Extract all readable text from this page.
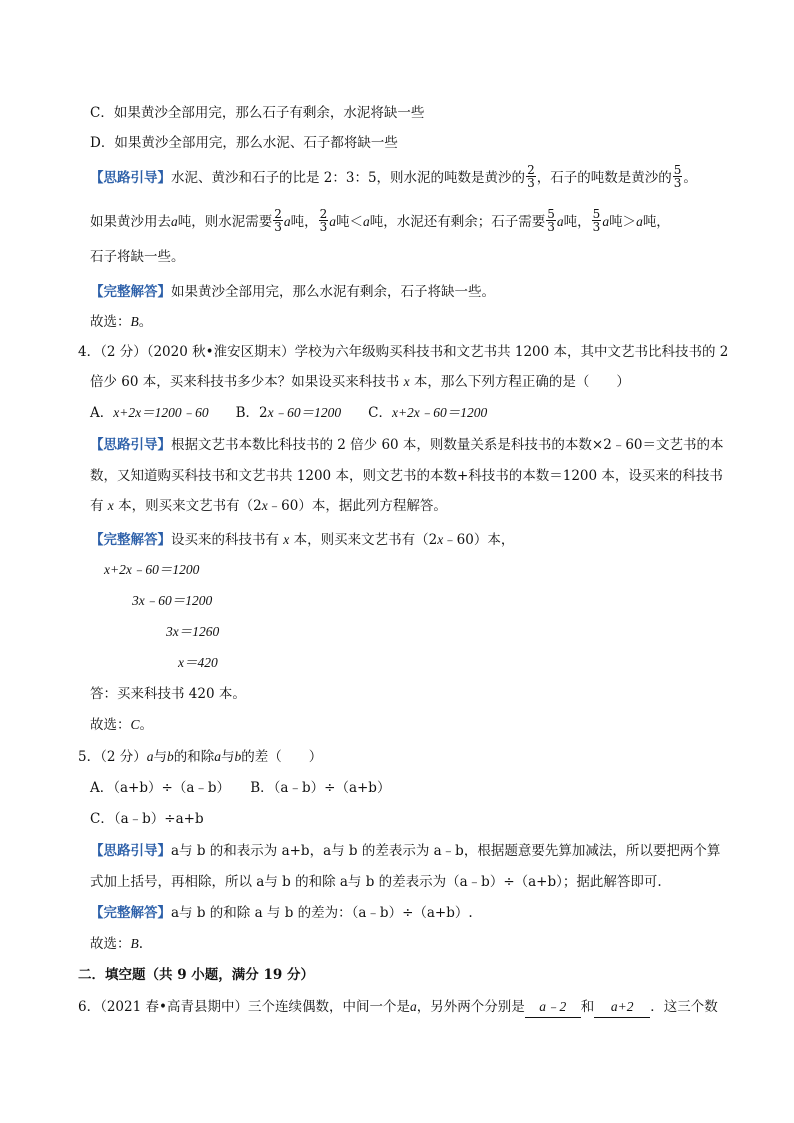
C．如果黄沙全部用完，那么石子有剩余，水泥将缺一些
D．如果黄沙全部用完，那么水泥、石子都将缺一些
【思路引导】水泥、黄沙和石子的比是 2：3：5，则水泥的吨数是黄沙的 $\frac{2}{3}$ ，石子的吨数是黄沙的 $\frac{5}{3}$ 。
如果黄沙用去a吨，则水泥需要 $\frac{2}{3}$ a吨， $\frac{2}{3}$ a吨＜a吨，水泥还有剩余；石子需要 $\frac{5}{3}$ a吨， $\frac{5}{3}$ a吨＞a吨，
石子将缺一些。
【完整解答】如果黄沙全部用完，那么水泥有剩余，石子将缺一些。
故选：B。
4．（2 分）（2020 秋•淮安区期末）学校为六年级购买科技书和文艺书共 1200 本，其中文艺书比科技书的 2
倍少 60 本，买来科技书多少本？如果设买来科技书 x 本，那么下列方程正确的是（　　）
A．x+2x＝1200﹣60　　B．2x﹣60＝1200　　C．x+2x﹣60＝1200
【思路引导】根据文艺书本数比科技书的 2 倍少 60 本，则数量关系是科技书的本数×2﹣60＝文艺书的本
数，又知道购买科技书和文艺书共 1200 本，则文艺书的本数+科技书的本数＝1200 本，设买来的科技书
有 x 本，则买来文艺书有（2x﹣60）本，据此列方程解答。
【完整解答】设买来的科技书有 x 本，则买来文艺书有（2x﹣60）本，
x+2x﹣60＝1200
3x﹣60＝1200
3x＝1260
x＝420
答：买来科技书 420 本。
故选：C。
5．（2 分）a与b的和除a与b的差（　　）
A．（a+b）÷（a﹣b）　　B．（a﹣b）÷（a+b）
C．（a﹣b）÷a+b
【思路引导】a与 b 的和表示为 a+b，a与 b 的差表示为 a﹣b，根据题意要先算加减法，所以要把两个算
式加上括号，再相除，所以 a与 b 的和除 a与 b 的差表示为（a﹣b）÷（a+b）；据此解答即可.
【完整解答】a与 b 的和除 a 与 b 的差为：（a﹣b）÷（a+b）.
故选：B.
二．填空题（共 9 小题，满分 19 分）
6．（2021 春•高青县期中）三个连续偶数，中间一个是a，另外两个分别是 a﹣2 和 a+2 ．这三个数
